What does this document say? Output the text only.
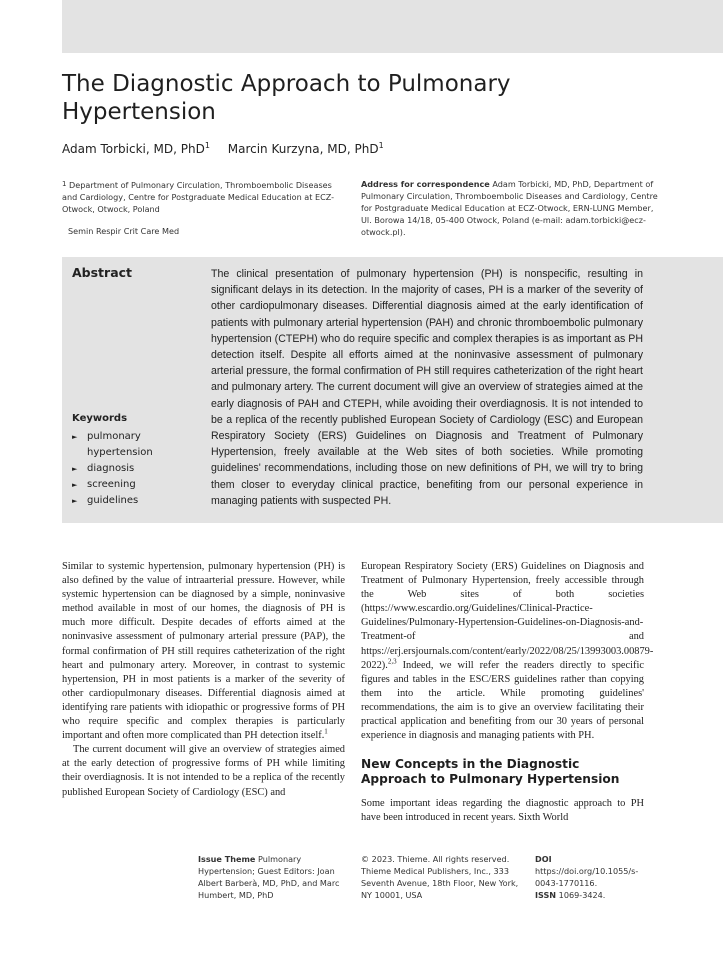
The Diagnostic Approach to Pulmonary Hypertension
Adam Torbicki, MD, PhD$^1$ Marcin Kurzyna, MD, PhD$^1$
$^1$ Department of Pulmonary Circulation, Thromboembolic Diseases and Cardiology, Centre for Postgraduate Medical Education at ECZ-Otwock, Otwock, Poland
Semin Respir Crit Care Med
Address for correspondence Adam Torbicki, MD, PhD, Department of Pulmonary Circulation, Thromboembolic Diseases and Cardiology, Centre for Postgraduate Medical Education at ECZ-Otwock, ERN-LUNG Member, Ul. Borowa 14/18, 05-400 Otwock, Poland (e-mail: adam.torbicki@ecz-otwock.pl).
Abstract	The clinical presentation of pulmonary hypertension (PH) is nonspecific, resulting in significant delays in its detection. In the majority of cases, PH is a marker of the severity of other cardiopulmonary diseases. Differential diagnosis aimed at the early identification of patients with pulmonary arterial hypertension (PAH) and chronic thromboembolic pulmonary hypertension (CTEPH) who do require specific and complex therapies is as important as PH detection itself. Despite all efforts aimed at the noninvasive assessment of pulmonary arterial pressure, the formal confirmation of PH still requires catheterization of the right heart and pulmonary artery. The current document will give an overview of strategies aimed at the early diagnosis of PAH and CTEPH, while avoiding their overdiagnosis. It is not intended to be a replica of the recently published European Society of Cardiology (ESC) and European Respiratory Society (ERS) Guidelines on Diagnosis and Treatment of Pulmonary Hypertension, freely available at the Web sites of both societies. While promoting guidelines' recommendations, including those on new definitions of PH, we will try to bring them closer to everyday clinical practice, benefiting from our personal experience in managing patients with suspected PH.

Keywords
► pulmonary hypertension
► diagnosis
► screening
► guidelines

Similar to systemic hypertension, pulmonary hypertension (PH) is also defined by the value of intraarterial pressure. However, while systemic hypertension can be diagnosed by a simple, noninvasive method available in most of our homes, the diagnosis of PH is much more difficult. Despite decades of efforts aimed at the noninvasive assessment of pulmonary arterial pressure (PAP), the formal confirmation of PH still requires catheterization of the right heart and pulmonary artery. Moreover, in contrast to systemic hypertension, PH in most patients is a marker of the severity of other cardiopulmonary diseases. Differential diagnosis aimed at identifying rare patients with idiopathic or progressive forms of PH who require specific and complex therapies is particularly important and often more complicated than PH detection itself.$^1$

The current document will give an overview of strategies aimed at the early detection of progressive forms of PH while limiting their overdiagnosis. It is not intended to be a replica of the recently published European Society of Cardiology (ESC) and

European Respiratory Society (ERS) Guidelines on Diagnosis and Treatment of Pulmonary Hypertension, freely accessible through the Web sites of both societies (https://www.escardio.org/Guidelines/Clinical-Practice-Guidelines/Pulmonary-Hypertension-Guidelines-on-Diagnosis-and-Treatment-of and https://erj.ersjournals.com/content/early/2022/08/25/13993003.00879-2022).$^{2,3}$ Indeed, we will refer the readers directly to specific figures and tables in the ESC/ERS guidelines rather than copying them into the article. While promoting guidelines' recommendations, the aim is to give an overview facilitating their practical application and benefiting from our 30 years of personal experience in diagnosis and managing patients with PH.

New Concepts in the Diagnostic Approach to Pulmonary Hypertension

Some important ideas regarding the diagnostic approach to PH have been introduced in recent years. Sixth World

Issue Theme Pulmonary Hypertension; Guest Editors: Joan Albert Barberà, MD, PhD, and Marc Humbert, MD, PhD
© 2023. Thieme. All rights reserved. Thieme Medical Publishers, Inc., 333 Seventh Avenue, 18th Floor, New York, NY 10001, USA
DOI https://doi.org/10.1055/s-0043-1770116.
ISSN 1069-3424.
